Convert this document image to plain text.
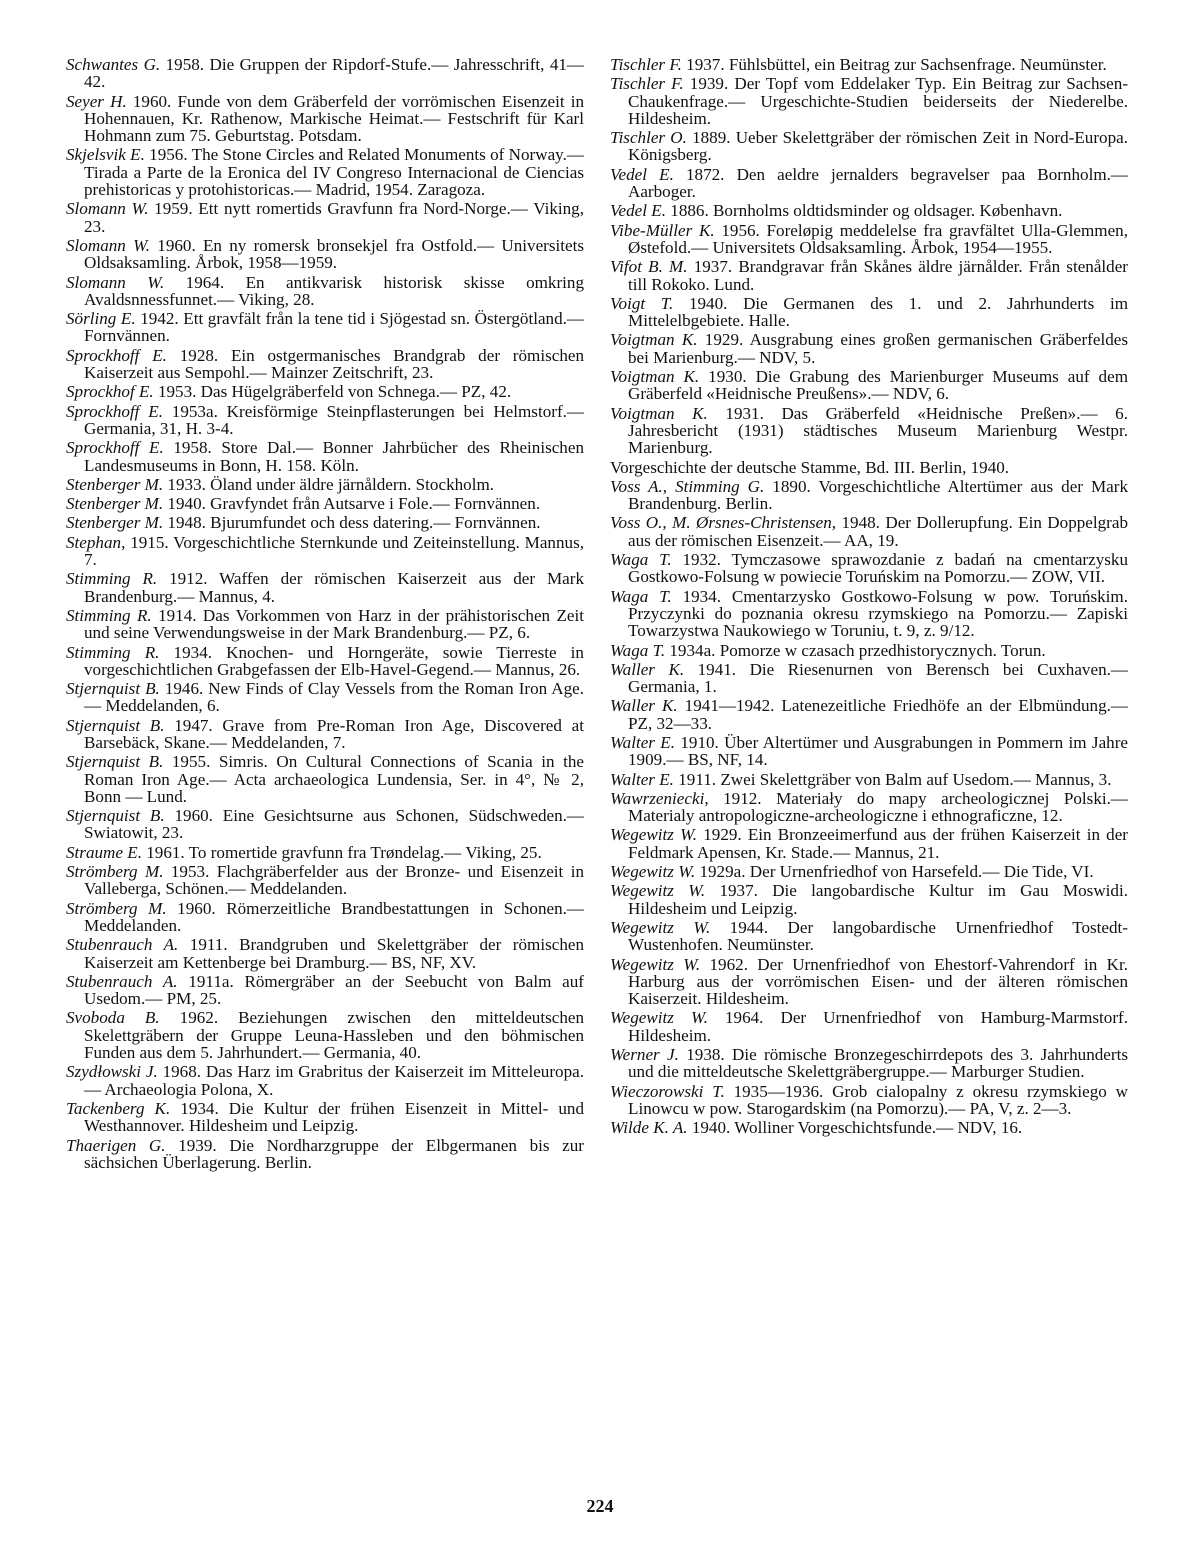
Schwantes G. 1958. Die Gruppen der Ripdorf-Stufe.— Jahresschrift, 41—42.

Seyer H. 1960. Funde von dem Gräberfeld der vorrömischen Eisenzeit in Hohennauen, Kr. Rathenow, Markische Heimat.— Festschrift für Karl Hohmann zum 75. Geburtstag. Potsdam.

Skjelsvik E. 1956. The Stone Circles and Related Monuments of Norway.— Tirada a Parte de la Eronica del IV Congreso Internacional de Ciencias prehistoricas y protohistoricas.— Madrid, 1954. Zaragoza.

Slomann W. 1959. Ett nytt romertids Gravfunn fra Nord-Norge.— Viking, 23.

Slomann W. 1960. En ny romersk bronsekjel fra Ostfold.— Universitets Oldsaksamling. Årbok, 1958—1959.

Slomann W. 1964. En antikvarisk historisk skisse omkring Avaldsnnessfunnet.— Viking, 28.

Sörling E. 1942. Ett gravfält från la tene tid i Sjögestad sn. Östergötland.— Fornvännen.

Sprockhoff E. 1928. Ein ostgermanisches Brandgrab der römischen Kaiserzeit aus Sempohl.— Mainzer Zeitschrift, 23.

Sprockhof E. 1953. Das Hügelgräberfeld von Schnega.— PZ, 42.

Sprockhoff E. 1953a. Kreisförmige Steinpflasterungen bei Helmstorf.— Germania, 31, H. 3-4.

Sprockhoff E. 1958. Store Dal.— Bonner Jahrbücher des Rheinischen Landesmuseums in Bonn, H. 158. Köln.

Stenberger M. 1933. Öland under äldre järnåldern. Stockholm.

Stenberger M. 1940. Gravfyndet från Autsarve i Fole.— Fornvännen.

Stenberger M. 1948. Bjurumfundet och dess datering.— Fornvännen.

Stephan, 1915. Vorgeschichtliche Sternkunde und Zeiteinstellung. Mannus, 7.

Stimming R. 1912. Waffen der römischen Kaiserzeit aus der Mark Brandenburg.— Mannus, 4.

Stimming R. 1914. Das Vorkommen von Harz in der prähistorischen Zeit und seine Verwendungsweise in der Mark Brandenburg.— PZ, 6.

Stimming R. 1934. Knochen- und Horngeräte, sowie Tierreste in vorgeschichtlichen Grabgefassen der Elb-Havel-Gegend.— Mannus, 26.

Stjernquist B. 1946. New Finds of Clay Vessels from the Roman Iron Age.— Meddelanden, 6.

Stjernquist B. 1947. Grave from Pre-Roman Iron Age, Discovered at Barsebäck, Skane.— Meddelanden, 7.

Stjernquist B. 1955. Simris. On Cultural Connections of Scania in the Roman Iron Age.— Acta archaeologica Lundensia, Ser. in 4°, № 2, Bonn — Lund.

Stjernquist B. 1960. Eine Gesichtsurne aus Schonen, Südschweden.— Swiatowit, 23.

Straume E. 1961. To romertide gravfunn fra Trøndelag.— Viking, 25.

Strömberg M. 1953. Flachgräberfelder aus der Bronze- und Eisenzeit in Valleberga, Schönen.— Meddelanden.

Strömberg M. 1960. Römerzeitliche Brandbestattungen in Schonen.— Meddelanden.

Stubenrauch A. 1911. Brandgruben und Skelettgräber der römischen Kaiserzeit am Kettenberge bei Dramburg.— BS, NF, XV.

Stubenrauch A. 1911a. Römergräber an der Seebucht von Balm auf Usedom.— PM, 25.

Svoboda B. 1962. Beziehungen zwischen den mitteldeutschen Skelettgräbern der Gruppe Leuna-Hassleben und den böhmischen Funden aus dem 5. Jahrhundert.— Germania, 40.

Szydłowski J. 1968. Das Harz im Grabritus der Kaiserzeit im Mitteleuropa.— Archaeologia Polona, X.

Tackenberg K. 1934. Die Kultur der frühen Eisenzeit in Mittel- und Westhannover. Hildesheim und Leipzig.

Thaerigen G. 1939. Die Nordharzgruppe der Elbgermanen bis zur sächsichen Überlagerung. Berlin.

Tischler F. 1937. Fühlsbüttel, ein Beitrag zur Sachsenfrage. Neumünster.

Tischler F. 1939. Der Topf vom Eddelaker Typ. Ein Beitrag zur Sachsen-Chaukenfrage.— Urgeschichte-Studien beiderseits der Niederelbe. Hildesheim.

Tischler O. 1889. Ueber Skelettgräber der römischen Zeit in Nord-Europa. Königsberg.

Vedel E. 1872. Den aeldre jernalders begravelser paa Bornholm.— Aarboger.

Vedel E. 1886. Bornholms oldtidsminder og oldsager. København.

Vibe-Müller K. 1956. Foreløpig meddelelse fra gravfältet Ulla-Glemmen, Østefold.— Universitets Oldsaksamling. Årbok, 1954—1955.

Vifot B. M. 1937. Brandgravar från Skånes äldre järnålder. Från stenålder till Rokoko. Lund.

Voigt T. 1940. Die Germanen des 1. und 2. Jahrhunderts im Mittelelbgebiete. Halle.

Voigtman K. 1929. Ausgrabung eines großen germanischen Gräberfeldes bei Marienburg.— NDV, 5.

Voigtman K. 1930. Die Grabung des Marienburger Museums auf dem Gräberfeld «Heidnische Preußens».— NDV, 6.

Voigtman K. 1931. Das Gräberfeld «Heidnische Preßen».— 6. Jahresbericht (1931) städtisches Museum Marienburg Westpr. Marienburg.

Vorgeschichte der deutsche Stamme, Bd. III. Berlin, 1940.

Voss A., Stimming G. 1890. Vorgeschichtliche Altertümer aus der Mark Brandenburg. Berlin.

Voss O., M. Ørsnes-Christensen, 1948. Der Dollerupfung. Ein Doppelgrab aus der römischen Eisenzeit.— AA, 19.

Waga T. 1932. Tymczasowe sprawozdanie z badań na cmentarzysku Gostkowo-Folsung w powiecie Toruńskim na Pomorzu.— ZOW, VII.

Waga T. 1934. Cmentarzysko Gostkowo-Folsung w pow. Toruńskim. Przyczynki do poznania okresu rzymskiego na Pomorzu.— Zapiski Towarzystwa Naukowiego w Toruniu, t. 9, z. 9/12.

Waga T. 1934a. Pomorze w czasach przedhistorycznych. Torun.

Waller K. 1941. Die Riesenurnen von Berensch bei Cuxhaven.— Germania, 1.

Waller K. 1941—1942. Latenezeitliche Friedhöfe an der Elbmündung.— PZ, 32—33.

Walter E. 1910. Über Altertümer und Ausgrabungen in Pommern im Jahre 1909.— BS, NF, 14.

Walter E. 1911. Zwei Skelettgräber von Balm auf Usedom.— Mannus, 3.

Wawrzeniecki, 1912. Materiały do mapy archeologicznej Polski.— Materialy antropologiczne-archeologiczne i ethnograficzne, 12.

Wegewitz W. 1929. Ein Bronzeeimerfund aus der frühen Kaiserzeit in der Feldmark Apensen, Kr. Stade.— Mannus, 21.

Wegewitz W. 1929a. Der Urnenfriedhof von Harsefeld.— Die Tide, VI.

Wegewitz W. 1937. Die langobardische Kultur im Gau Moswidi. Hildesheim und Leipzig.

Wegewitz W. 1944. Der langobardische Urnenfriedhof Tostedt-Wustenhofen. Neumünster.

Wegewitz W. 1962. Der Urnenfriedhof von Ehestorf-Vahrendorf in Kr. Harburg aus der vorrömischen Eisen- und der älteren römischen Kaiserzeit. Hildesheim.

Wegewitz W. 1964. Der Urnenfriedhof von Hamburg-Marmstorf. Hildesheim.

Werner J. 1938. Die römische Bronzegeschirrdepots des 3. Jahrhunderts und die mitteldeutsche Skelettgräbergruppe.— Marburger Studien.

Wieczorowski T. 1935—1936. Grob cialopalny z okresu rzymskiego w Linowcu w pow. Starogardskim (na Pomorzu).— PA, V, z. 2—3.

Wilde K. A. 1940. Wolliner Vorgeschichtsfunde.— NDV, 16.

224
